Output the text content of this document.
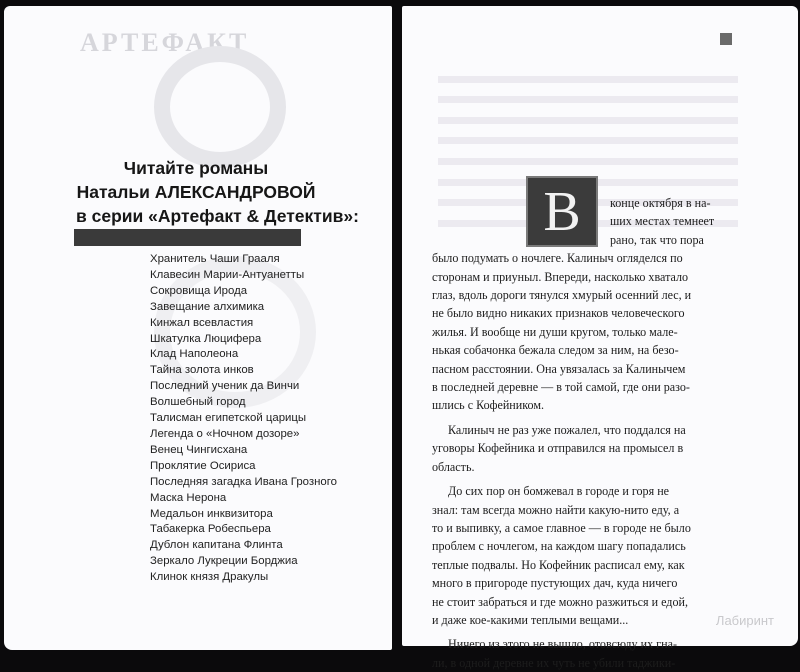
АРТЕФАКТ
Читайте романы
Натальи АЛЕКСАНДРОВОЙ
в серии «Артефакт & Детектив»:
Хранитель Чаши Грааля
Клавесин Марии-Антуанетты
Сокровища Ирода
Завещание алхимика
Кинжал всевластия
Шкатулка Люцифера
Клад Наполеона
Тайна золота инков
Последний ученик да Винчи
Волшебный город
Талисман египетской царицы
Легенда о «Ночном дозоре»
Венец Чингисхана
Проклятие Осириса
Последняя загадка Ивана Грозного
Маска Нерона
Медальон инквизитора
Табакерка Робеспьера
Дублон капитана Флинта
Зеркало Лукреции Борджиа
Клинок князя Дракулы
В	конце октября в на-
ших местах темнеет
рано, так что пора
было подумать о ночлеге. Калиныч огляделся по
сторонам и приуныл. Впереди, насколько хватало
глаз, вдоль дороги тянулся хмурый осенний лес, и
не было видно никаких признаков человеческого
жилья. И вообще ни души кругом, только мале-
нькая собачонка бежала следом за ним, на безо-
пасном расстоянии. Она увязалась за Калинычем
в последней деревне — в той самой, где они разо-
шлись с Кофейником.
Калиныч не раз уже пожалел, что поддался на
уговоры Кофейника и отправился на промысел в
область.
До сих пор он бомжевал в городе и горя не
знал: там всегда можно найти какую-нито еду, а
то и выпивку, а самое главное — в городе не было
проблем с ночлегом, на каждом шагу попадались
теплые подвалы. Но Кофейник расписал ему, как
много в пригороде пустующих дач, куда ничего
не стоит забраться и где можно разжиться и едой,
и даже кое-какими теплыми вещами...
Ничего из этого не вышло, отовсюду их гна-
ли, в одной деревне их чуть не убили таджики-
Лабиринт
